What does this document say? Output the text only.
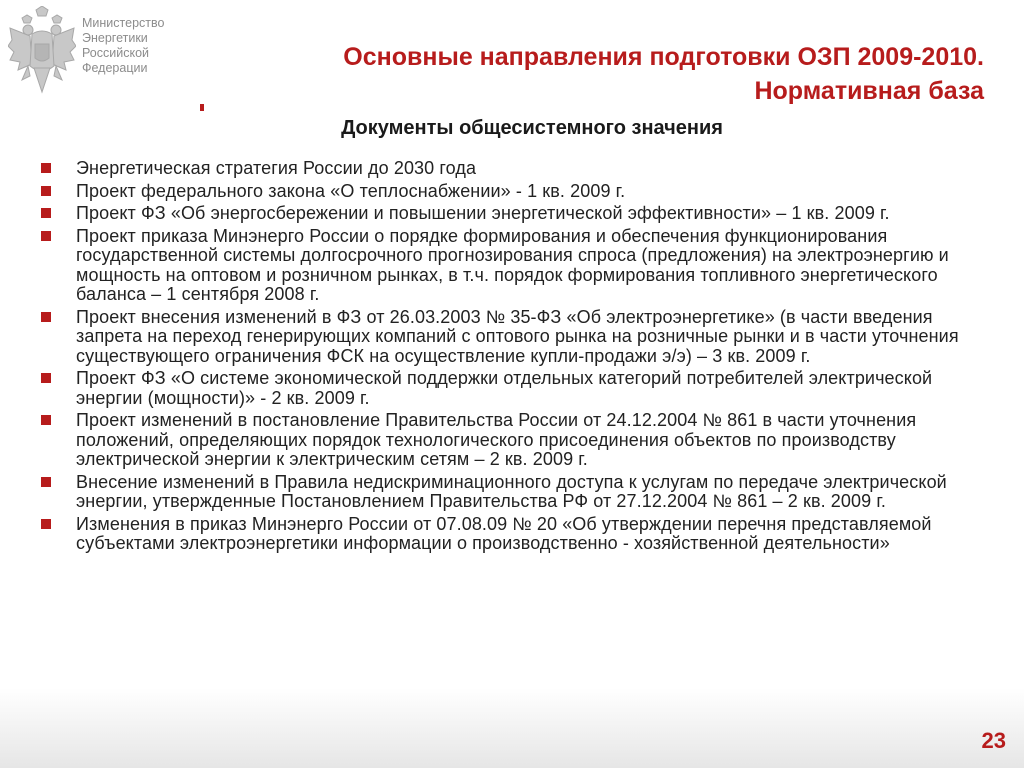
Министерство
Энергетики
Российской
Федерации	Основные направления подготовки ОЗП 2009-2010.
Нормативная база
Документы общесистемного значения
Энергетическая стратегия России до 2030 года
Проект федерального закона «О теплоснабжении» - 1 кв. 2009 г.
Проект ФЗ «Об энергосбережении и повышении энергетической эффективности» – 1 кв. 2009 г.
Проект приказа Минэнерго России о порядке формирования и обеспечения функционирования государственной системы долгосрочного прогнозирования спроса (предложения) на электроэнергию и мощность на оптовом и розничном рынках, в т.ч. порядок формирования топливного энергетического баланса – 1 сентября 2008 г.
Проект внесения изменений в ФЗ от 26.03.2003 № 35-ФЗ «Об электроэнергетике» (в части введения запрета на переход генерирующих компаний с оптового рынка на розничные рынки и в части уточнения существующего ограничения ФСК на осуществление купли-продажи э/э) – 3 кв. 2009 г.
Проект ФЗ «О системе экономической поддержки отдельных категорий потребителей электрической энергии (мощности)» - 2 кв. 2009 г.
Проект изменений в постановление Правительства России от 24.12.2004 № 861 в части уточнения положений, определяющих порядок технологического присоединения объектов по производству электрической энергии к электрическим сетям – 2 кв. 2009 г.
Внесение изменений в Правила недискриминационного доступа к услугам по передаче электрической энергии, утвержденные Постановлением Правительства РФ от 27.12.2004 № 861 – 2 кв. 2009 г.
Изменения в приказ Минэнерго России от 07.08.09 № 20 «Об утверждении перечня представляемой субъектами электроэнергетики информации о производственно - хозяйственной деятельности»
23
